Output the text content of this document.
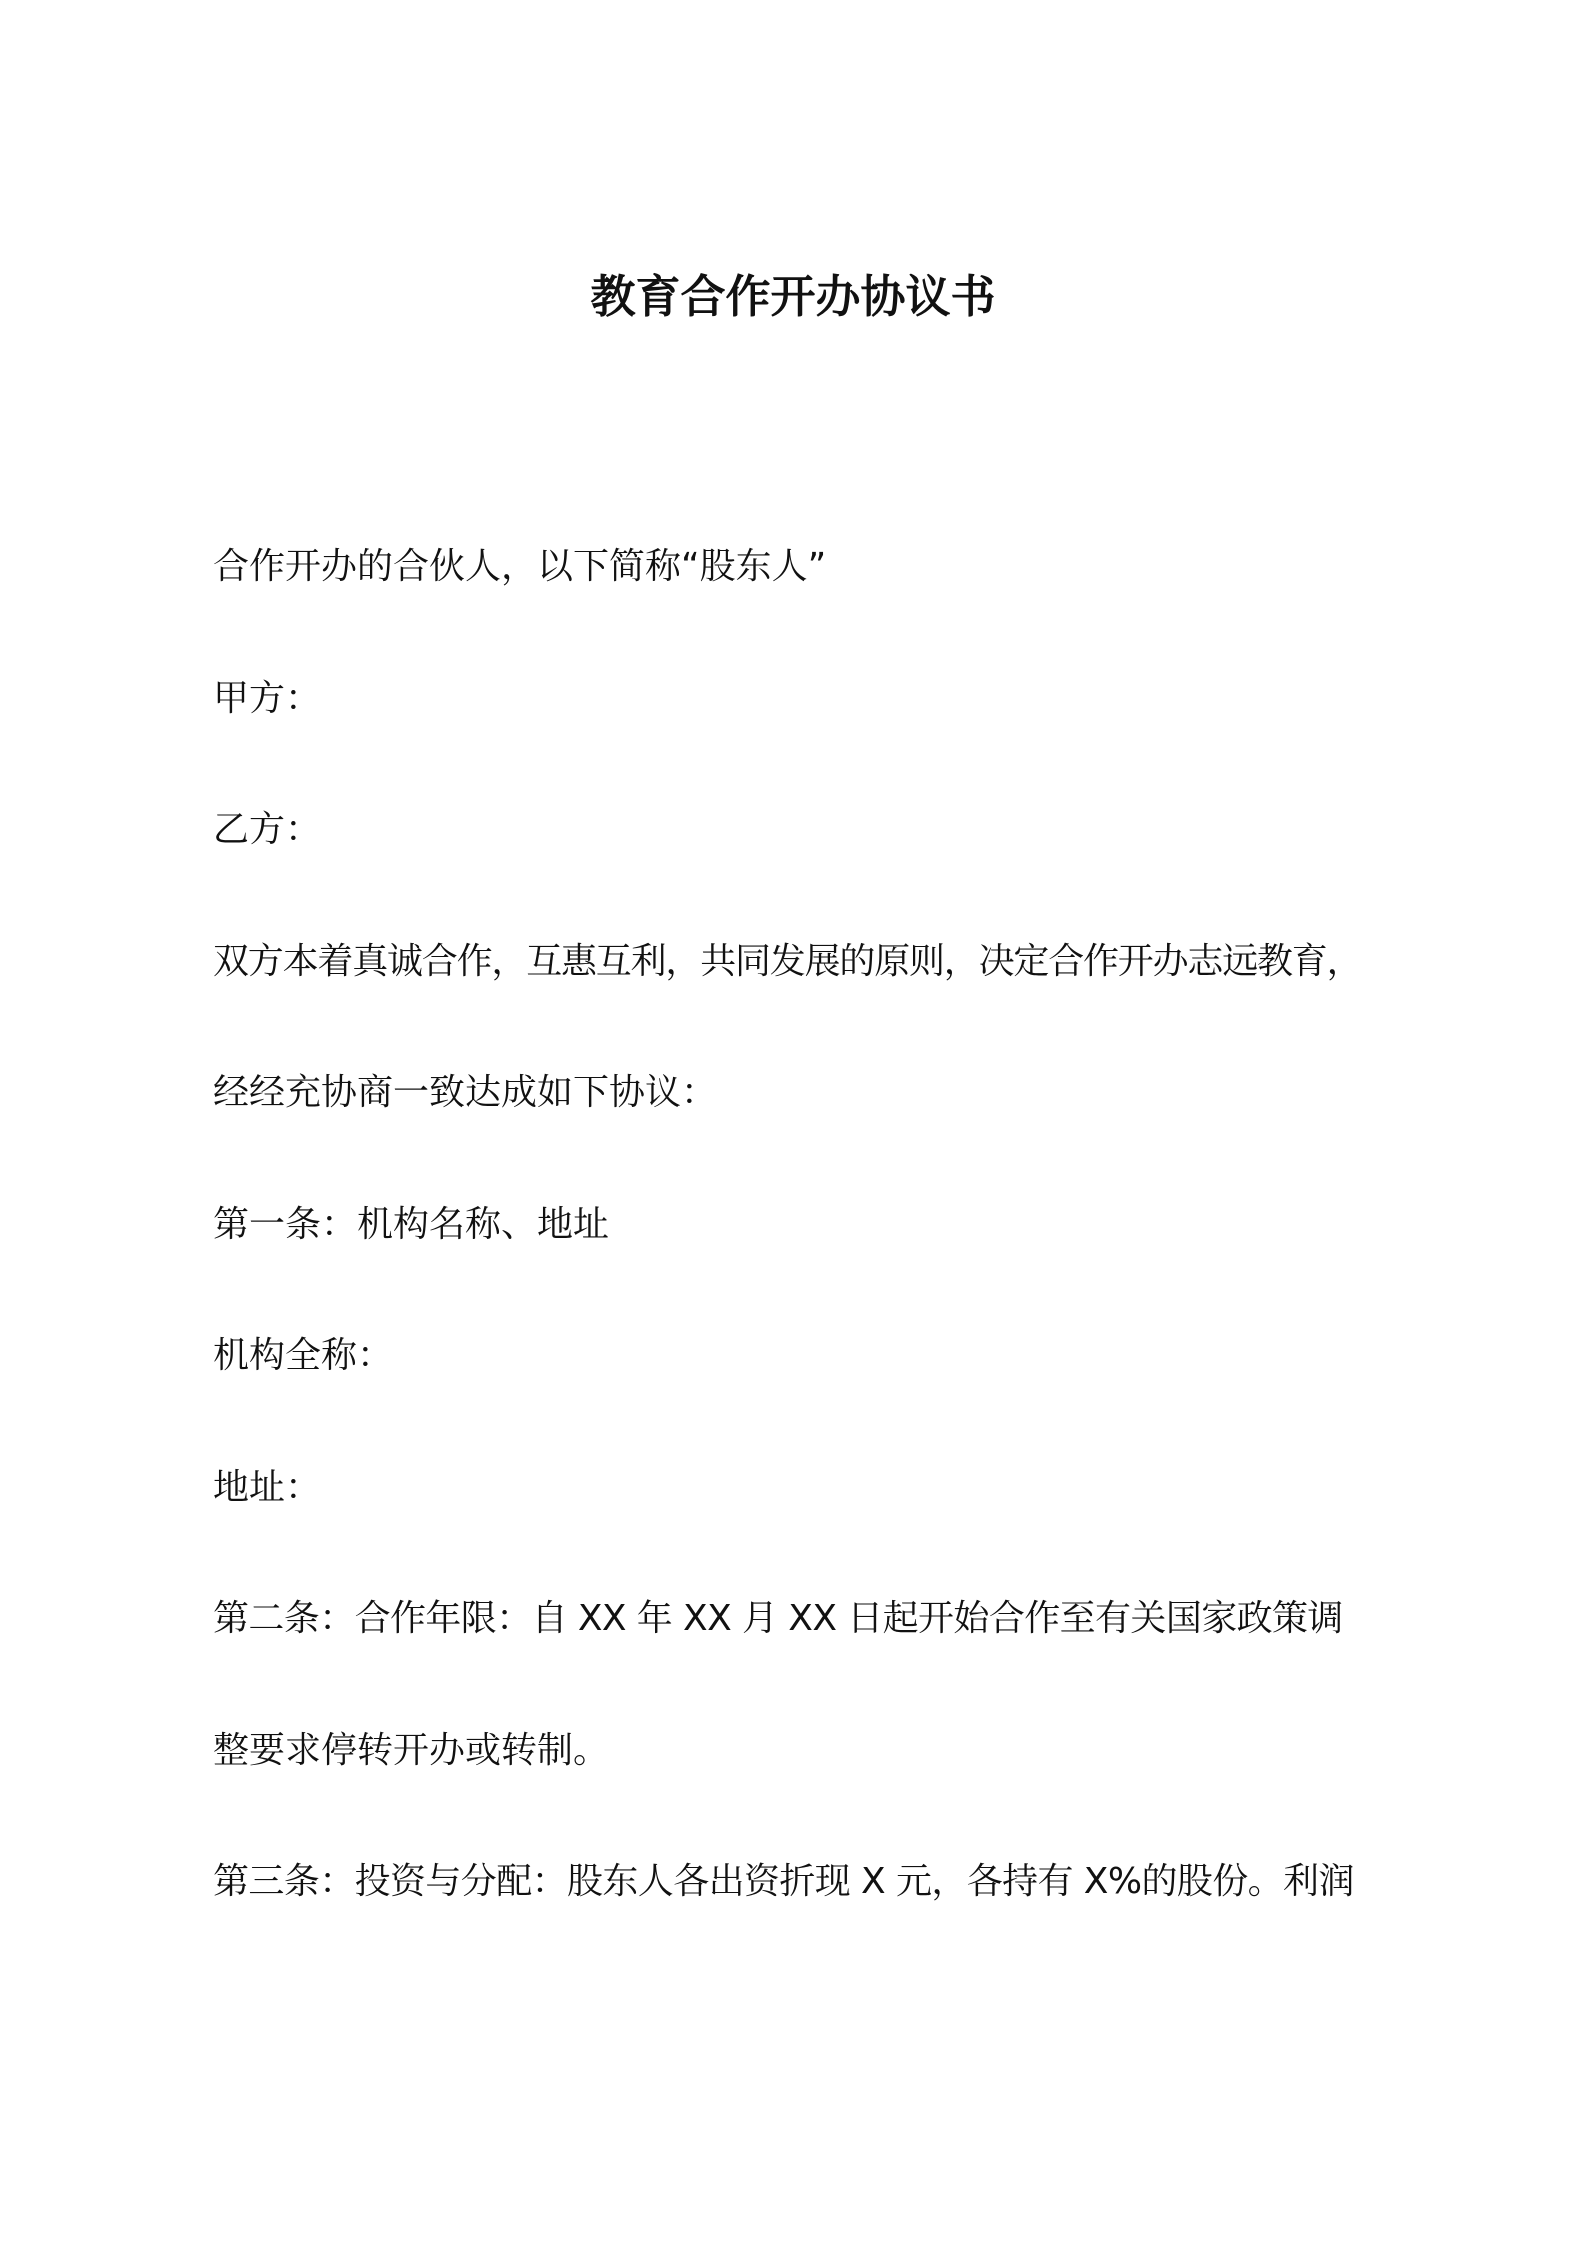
教育合作开办协议书
合作开办的合伙人，以下简称“股东人”
甲方：
乙方：
双方本着真诚合作，互惠互利，共同发展的原则，决定合作开办志远教育，
经经充协商一致达成如下协议：
第一条：机构名称、地址
机构全称：
地址：
第二条：合作年限：自 XX 年 XX 月 XX 日起开始合作至有关国家政策调
整要求停转开办或转制。
第三条：投资与分配：股东人各出资折现 X 元，各持有 X%的股份。利润
